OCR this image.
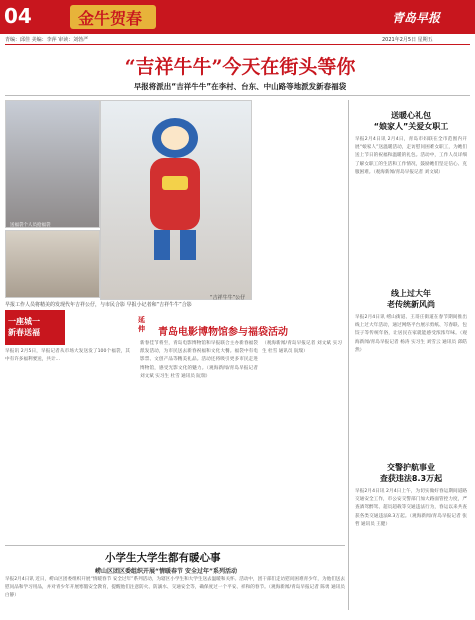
04	金牛贺春	青岛早报
青编：邱佳 美编：李萍 审读：刘勃严	2021年2月5日 星期五
“吉祥牛牛”今天在街头等你
早报将派出“吉祥牛牛”在李村、台东、中山路等地派发新春福袋
送福袋个人员抢福袋
“吉祥牛牛”公仔
早报工作人员将精美的发现代年吉祥公仔，与市民合影 早报小记者和“吉祥牛牛”合影
一座城一
新春送福
延伸	青岛电影博物馆参与福袋活动
早报讯 2月5日，早报记者从市场大发送发了100个福袋，其中有许多福利要送，共计…
新春佳节将至，青岛电影博物馆和早报联合主办新春福袋派发活动，为市民送去新春祝福和文化大餐。福袋中有电影票、文创产品等精美礼品。活动还将吸引更多市民走进博物馆，感受光影文化的魅力。（观海新闻/青岛早报记者 刘文斌 实习生 杜雪 通讯员 阮瑞）
（观海新闻/青岛早报记者 刘文斌 实习生 杜雪 通讯员 阮瑞）
送暖心礼包
“娘家人”关爱女职工
早报2月4日讯 2月4日，青岛市妇联在全市范围内开展“娘家人”送温暖活动，走访慰问困难女职工，为她们送上节日的祝福和温暖的礼包。活动中，工作人员详细了解女职工的生活和工作情况，鼓励她们坚定信心、克服困难。（观海新闻/青岛早报记者 刘文斌）
线上过大年
老传统新风尚
早报2月4日讯 崂山街道、王哥庄街道在春节期间推出线上过大年活动，通过网络平台展示剪纸、写春联、包饺子等传统年俗，让居民在家就能感受浓浓年味。（观海新闻/青岛早报记者 杨涛 实习生 刘雪云 通讯员 邱皓然）
交警护航事业
查获违法8.3万起
早报2月4日讯 2月4日上午，为切实做好春运期间道路交通安全工作，市公安交警部门加大路面管控力度，严查酒驾醉驾、超员超载等交通违法行为，春运以来共查获各类交通违法8.3万起。（观海新闻/青岛早报记者 张哲 通讯员 王健）
小学生大学生都有暖心事
崂山区团区委组织开展“情暖春节 安全过年”系列活动
早报2月4日讯 近日，崂山区团委组织开展“情暖春节 安全过年”系列活动，为辖区小学生和大学生送去温暖和关怀。活动中，团干部们走访慰问困难青少年，为他们送去慰问品和学习用品，并对青少年开展寒假安全教育，提醒他们注意防火、防溺水、交通安全等，确保度过一个平安、祥和的春节。（观海新闻/青岛早报记者 陈勇 通讯员 白静）
